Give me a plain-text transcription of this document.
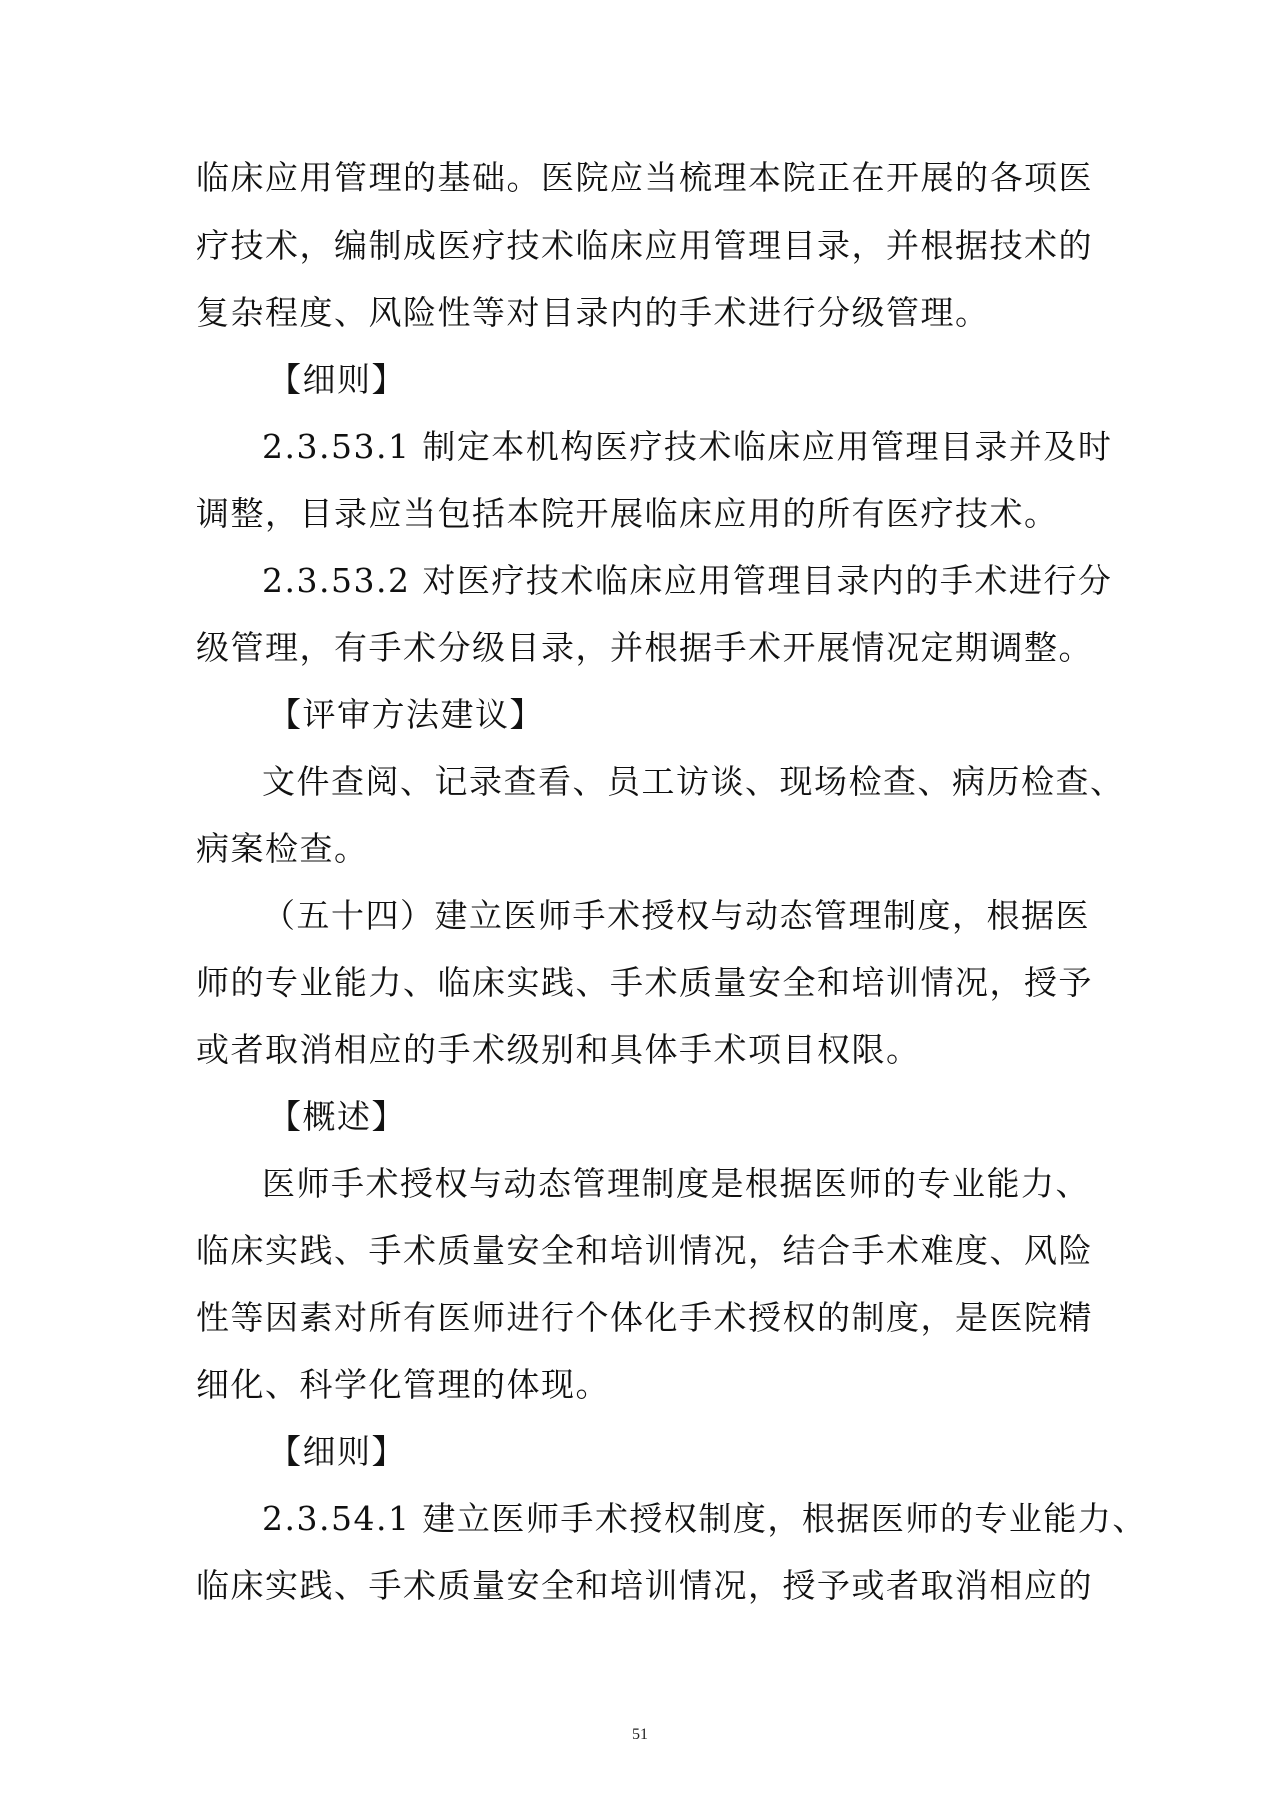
临床应用管理的基础。医院应当梳理本院正在开展的各项医
疗技术，编制成医疗技术临床应用管理目录，并根据技术的
复杂程度、风险性等对目录内的手术进行分级管理。
【细则】
2.3.53.1 制定本机构医疗技术临床应用管理目录并及时
调整，目录应当包括本院开展临床应用的所有医疗技术。
2.3.53.2 对医疗技术临床应用管理目录内的手术进行分
级管理，有手术分级目录，并根据手术开展情况定期调整。
【评审方法建议】
文件查阅、记录查看、员工访谈、现场检查、病历检查、
病案检查。
（五十四）建立医师手术授权与动态管理制度，根据医
师的专业能力、临床实践、手术质量安全和培训情况，授予
或者取消相应的手术级别和具体手术项目权限。
【概述】
医师手术授权与动态管理制度是根据医师的专业能力、
临床实践、手术质量安全和培训情况，结合手术难度、风险
性等因素对所有医师进行个体化手术授权的制度，是医院精
细化、科学化管理的体现。
【细则】
2.3.54.1 建立医师手术授权制度，根据医师的专业能力、
临床实践、手术质量安全和培训情况，授予或者取消相应的
51
